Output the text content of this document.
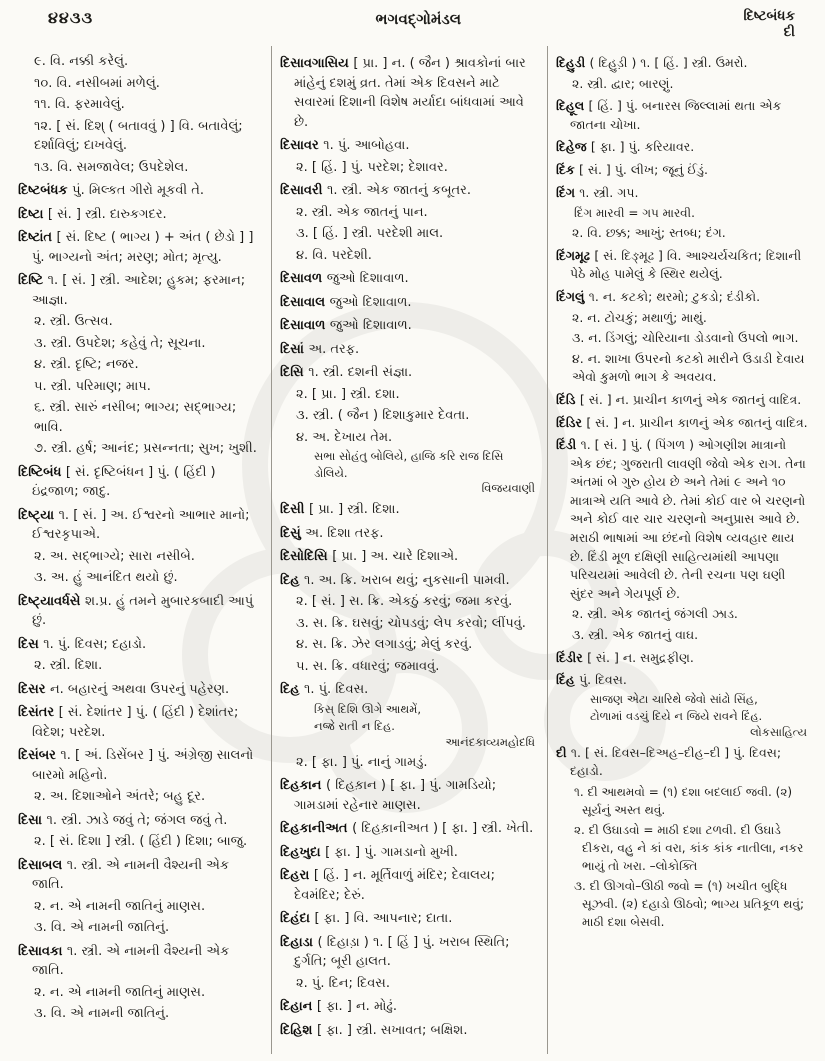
૪૪૩૩	ભગવદ્ગોમંડલ	દિષ્ટબંધક
દી
૯. વિ. નક્કી કરેલું.
૧૦. વિ. નસીબમાં મળેલું.
૧૧. વિ. ફરમાવેલું.
૧૨. [ સં. દિશ્ ( બતાવવું ) ] વિ. બતાવેલું; દર્શાવિલું; દાખવેલું.
૧૩. વિ. સમજાવેલ; ઉપદેશેલ.
દિષ્ટબંધક પું. મિલ્કત ગીરો મૂકવી તે.
દિષ્ટા [ સં. ] સ્ત્રી. દારુકગદર.
દિષ્ટાંત [ સં. દિષ્ટ ( ભાગ્ય ) + અંત ( છેડો ] ] પું. ભાગ્યનો અંત; મરણ; મોત; મૃત્યુ.
દિષ્ટિ ૧. [ સં. ] સ્ત્રી. આદેશ; હુકમ; ફરમાન; આજ્ઞા.
૨. સ્ત્રી. ઉત્સવ.
૩. સ્ત્રી. ઉપદેશ; કહેવું તે; સૂચના.
૪. સ્ત્રી. દૃષ્ટિ; નજર.
૫. સ્ત્રી. પરિમાણ; માપ.
૬. સ્ત્રી. સારું નસીબ; ભાગ્ય; સદ્ભાગ્ય; ભાવિ.
૭. સ્ત્રી. હર્ષ; આનંદ; પ્રસન્નતા; સુખ; ખુશી.
દિષ્ટિબંધ [ સં. દૃષ્ટિબંધન ] પું. ( હિંદી ) ઇંદ્રજાળ; જાદુ.
દિષ્ટ્યા ૧. [ સં. ] અ. ઈશ્વરનો આભાર માનો; ઈશ્વરકૃપાએ.
૨. અ. સદ્ભાગ્યે; સારા નસીબે.
૩. અ. હું આનંદિત થયો છું.
દિષ્ટ્યાવર્ધસે શ.પ્ર. હું તમને મુબારકબાદી આપું છું.
દિસ ૧. પું. દિવસ; દહાડો.
૨. સ્ત્રી. દિશા.
દિસર ન. બહારનું અથવા ઉપરનું પહેરણ.
દિસંતર [ સં. દેશાંતર ] પું. ( હિંદી ) દેશાંતર; વિદેશ; પરદેશ.
દિસંબર ૧. [ અં. ડિસેંબર ] પું. અંગ્રેજી સાલનો બારમો મહિનો.
૨. અ. દિશાઓને અંતરે; બહુ દૂર.
દિસા ૧. સ્ત્રી. ઝાડે જવું તે; જંગલ જવું તે.
૨. [ સં. દિશા ] સ્ત્રી. ( હિંદી ) દિશા; બાજુ.
દિસાબલ ૧. સ્ત્રી. એ નામની વૈશ્યની એક જાતિ.
૨. ન. એ નામની જાતિનું માણસ.
૩. વિ. એ નામની જાતિનું.
દિસાવકા ૧. સ્ત્રી. એ નામની વૈશ્યની એક જાતિ.
૨. ન. એ નામની જાતિનું માણસ.
૩. વિ. એ નામની જાતિનું.
દિસાવગાસિય [ પ્રા. ] ન. ( જૈન ) શ્રાવકોનાં બાર માંહેનું દશમું વ્રત. તેમાં એક દિવસને માટે સવારમાં દિશાની વિશેષ મર્યાદા બાંધવામાં આવે છે.
દિસાવર ૧. પું. આબોહવા.
૨. [ હિં. ] પું. પરદેશ; દેશાવર.
દિસાવરી ૧. સ્ત્રી. એક જાતનું કબૂતર.
૨. સ્ત્રી. એક જાતનું પાન.
૩. [ હિં. ] સ્ત્રી. પરદેશી માલ.
૪. વિ. પરદેશી.
દિસાવળ જુઓ દિશાવાળ.
દિસાવાલ જુઓ દિશાવાળ.
દિસાવાળ જુઓ દિશાવાળ.
દિસાં અ. તરફ.
દિસિ ૧. સ્ત્રી. દશની સંજ્ઞા.
૨. [ પ્રા. ] સ્ત્રી. દશા.
૩. સ્ત્રી. ( જૈન ) દિશાકુમાર દેવતા.
૪. અ. દેખાય તેમ.
સભા સોહંતુ બોલિયે, હાજિ કરિ રાજ દિસિ ડોલિયે.
વિજયવાણી
દિસી [ પ્રા. ] સ્ત્રી. દિશા.
દિસું અ. દિશા તરફ.
દિસોદિસિ [ પ્રા. ] અ. ચારે દિશાએ.
દિહ ૧. અ. ક્રિ. ખરાબ થવું; નુકસાની પામવી.
૨. [ સં. ] સ. ક્રિ. એકઠું કરવું; જમા કરવું.
૩. સ. ક્રિ. ઘસવું; ચોપડવું; લેપ કરવો; લીંપવું.
૪. સ. ક્રિ. ઝેર લગાડવું; મેલું કરવું.
૫. સ. ક્રિ. વધારવું; જમાવવું.
દિહ ૧. પું. દિવસ.
કિસ્ દિશિ ઊગે આથમેં,
નજ્રે રાતી ન દિહ.
આનંદકાવ્યમહોદધિ
૨. [ ફા. ] પું. નાનું ગામડું.
દિહકાન ( દિહક઼ાન ) [ ફા. ] પું. ગામડિયો; ગામડામાં રહેનાર માણસ.
દિહકાનીઅત ( દિહક઼ાનીઅત ) [ ફા. ] સ્ત્રી. ખેતી.
દિહખુદા [ ફા. ] પું. ગામડાનો મુખી.
દિહરા [ હિં. ] ન. મૂર્તિવાળું મંદિર; દેવાલય; દેવમંદિર; દેરું.
દિહંદા [ ફા. ] વિ. આપનાર; દાતા.
દિહાડા ( દિહાડ઼ા ) ૧. [ હિં ] પું. ખરાબ સ્થિતિ; દુર્ગતિ; બૂરી હાલત.
૨. પું. દિન; દિવસ.
દિહાન [ ફા. ] ન. મોઢું.
દિહિશ [ ફા. ] સ્ત્રી. સખાવત; બક્ષિશ.
દિહુડી ( દિહુડ઼ી ) ૧. [ હિં. ] સ્ત્રી. ઉમરો.
૨. સ્ત્રી. દ્વાર; બારણું.
દિહૂલ [ હિં. ] પું. બનારસ જિલ્લામાં થતા એક જાતના ચોખા.
દિહેજ [ ફા. ] પું. કરિયાવર.
દિંક [ સં. ] પું. લીખ; જૂનું ઈંડું.
દિંગ ૧. સ્ત્રી. ગપ.
દિંગ મારવી = ગપ મારવી.
૨. વિ. છક્ક; આખું; સ્તબ્ધ; દંગ.
દિંગમૂઢ [ સં. દિઙ્મૂઢ ] વિ. આશ્ચર્યચકિત; દિશાની પેઠે મોહ પામેલું કે સ્થિર થયેલું.
દિંગલું ૧. ન. કટકો; થરમો; ટુકડો; દંડીકો.
૨. ન. ટોચકું; મથાળું; માથું.
૩. ન. ડિંગલું; ચોરિયાના ડોડવાનો ઉપલો ભાગ.
૪. ન. શાખા ઉપરનો કટકો મારીને ઉડાડી દેવાય એવો કુમળો ભાગ કે અવયવ.
દિંડિ [ સં. ] ન. પ્રાચીન કાળનું એક જાતનું વાદિત્ર.
દિંડિર [ સં. ] ન. પ્રાચીન કાળનું એક જાતનું વાદિત્ર.
દિંડી ૧. [ સં. ] પું. ( પિંગળ ) ઓગણીશ માત્રાનો એક છંદ; ગુજરાતી લાવણી જેવો એક રાગ. તેના અંતમાં બે ગુરુ હોય છે અને તેમાં ૯ અને ૧૦ માત્રાએ યતિ આવે છે. તેમાં કોઈ વાર બે ચરણનો અને કોઈ વાર ચાર ચરણનો અનુપ્રાસ આવે છે. મરાઠી ભાષામાં આ છંદનો વિશેષ વ્યવહાર થાય છે. દિંડી મૂળ દક્ષિણી સાહિત્યમાંથી આપણા પરિચયમાં આવેલી છે. તેની રચના પણ ઘણી સુંદર અને ગેયપૂર્ણ છે.
૨. સ્ત્રી. એક જાતનું જંગલી ઝાડ.
૩. સ્ત્રી. એક જાતનું વાઘ.
દિંડીર [ સં. ] ન. સમુદ્રફીણ.
દિંહ પું. દિવસ.
સાજણ એટા ચારિથે જેવો સાંઢો સિંહ,
ટોળામાં વડચું દિયે ન જિયે રાવને દિંહ.
લોકસાહિત્ય
દી ૧. [ સં. દિવસ–દિઅહ–દીહ–દી ] પું. દિવસ; દહાડો.
૧. દી આથમવો = (૧) દશા બદલાઈ જવી. (૨) સૂર્યનું અસ્ત થવું.
૨. દી ઉઘાડવો = માઠી દશા ટળવી. દી ઉઘાડે દીકરા, વહુ ને કાં વરા, કાંક કાંક નાતીલા, નકર ભાયું તો ખરા. –લોકોક્તિ
૩. દી ઊગવો–ઊઠી જવો = (૧) ખચીત બુદ્ધિ સૂઝવી. (૨) દહાડો ઊઠવો; ભાગ્ય પ્રતિકૂળ થવું; માઠી દશા બેસવી.
